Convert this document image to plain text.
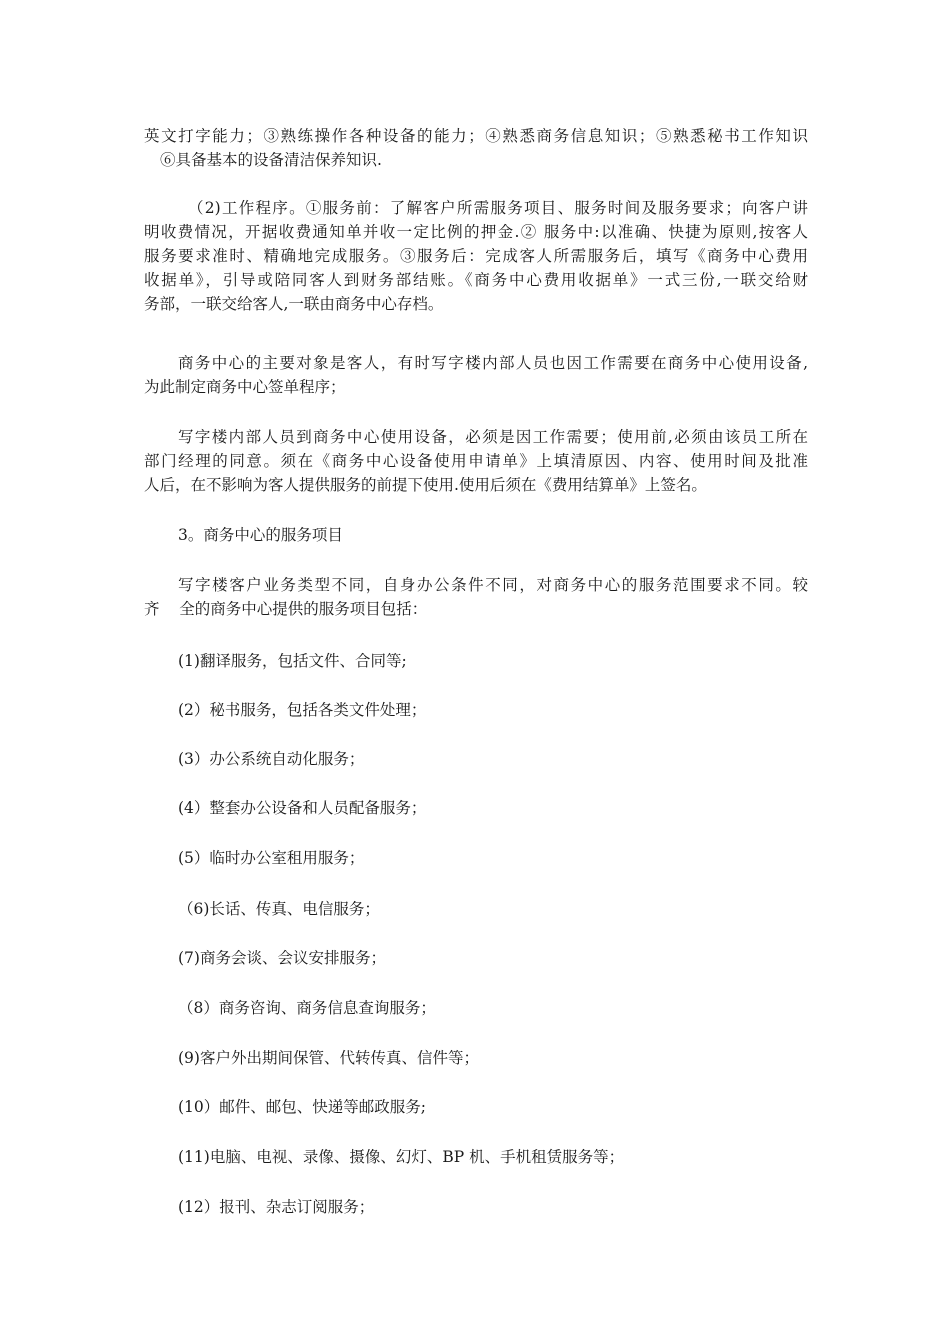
英文打字能力；③熟练操作各种设备的能力；④熟悉商务信息知识；⑤熟悉秘书工作知识
⑥具备基本的设备清洁保养知识.
（2)工作程序。①服务前：了解客户所需服务项目、服务时间及服务要求；向客户讲
明收费情况，开据收费通知单并收一定比例的押金.② 服务中:以准确、快捷为原则,按客人
服务要求准时、精确地完成服务。③服务后：完成客人所需服务后，填写《商务中心费用
收据单》，引导或陪同客人到财务部结账。《商务中心费用收据单》一式三份,一联交给财
务部，一联交给客人,一联由商务中心存档。
商务中心的主要对象是客人，有时写字楼内部人员也因工作需要在商务中心使用设备,
为此制定商务中心签单程序；
写字楼内部人员到商务中心使用设备，必须是因工作需要；使用前,必须由该员工所在
部门经理的同意。须在《商务中心设备使用申请单》上填清原因、内容、使用时间及批准
人后，在不影响为客人提供服务的前提下使用.使用后须在《费用结算单》上签名。
3。商务中心的服务项目
写字楼客户业务类型不同，自身办公条件不同，对商务中心的服务范围要求不同。较
齐    全的商务中心提供的服务项目包括：
(1)翻译服务，包括文件、合同等;
(2）秘书服务，包括各类文件处理；
(3）办公系统自动化服务；
(4）整套办公设备和人员配备服务；
(5）临时办公室租用服务；
（6)长话、传真、电信服务；
(7)商务会谈、会议安排服务；
（8）商务咨询、商务信息查询服务；
(9)客户外出期间保管、代转传真、信件等；
(10）邮件、邮包、快递等邮政服务;
(11)电脑、电视、录像、摄像、幻灯、BP 机、手机租赁服务等；
(12）报刊、杂志订阅服务；
